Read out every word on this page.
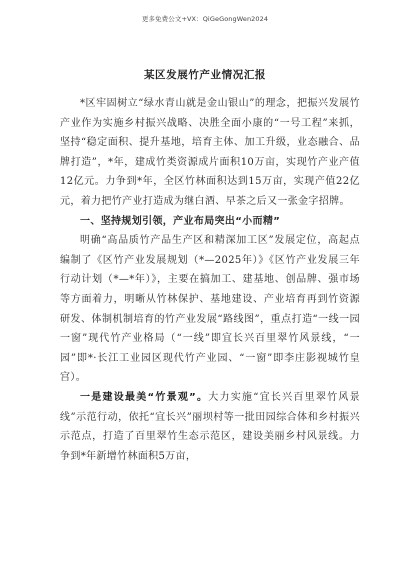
更多免费公文+VX：QiGeGongWen2024
某区发展竹产业情况汇报

*区牢固树立“绿水青山就是金山银山”的理念，把振兴发展竹产业作为实施乡村振兴战略、决胜全面小康的“一号工程”来抓，坚持“稳定面积、提升基地，培育主体、加工升级，业态融合、品牌打造”，*年，建成竹类资源成片面积10万亩，实现竹产业产值12亿元。力争到*年，全区竹林面积达到15万亩，实现产值22亿元，着力把竹产业打造成为继白酒、早茶之后又一张金字招牌。

一、坚持规划引领，产业布局突出“小而精”

明确“高品质竹产品生产区和精深加工区”发展定位，高起点编制了《区竹产业发展规划（*—2025年）》《区竹产业发展三年行动计划（*—*年）》，主要在搞加工、建基地、创品牌、强市场等方面着力，明晰从竹林保护、基地建设、产业培育再到竹资源研发、体制机制培育的竹产业发展“路线图”，重点打造“一线一园一窗”现代竹产业格局（“一线”即宜长兴百里翠竹风景线，“一园”即*·长江工业园区现代竹产业园、“一窗”即李庄影视城竹皇宫）。

一是建设最美“竹景观”。大力实施“宜长兴百里翠竹风景线”示范行动，依托“宜长兴”丽坝村等一批田园综合体和乡村振兴示范点，打造了百里翠竹生态示范区，建设美丽乡村风景线。力争到*年新增竹林面积5万亩，
